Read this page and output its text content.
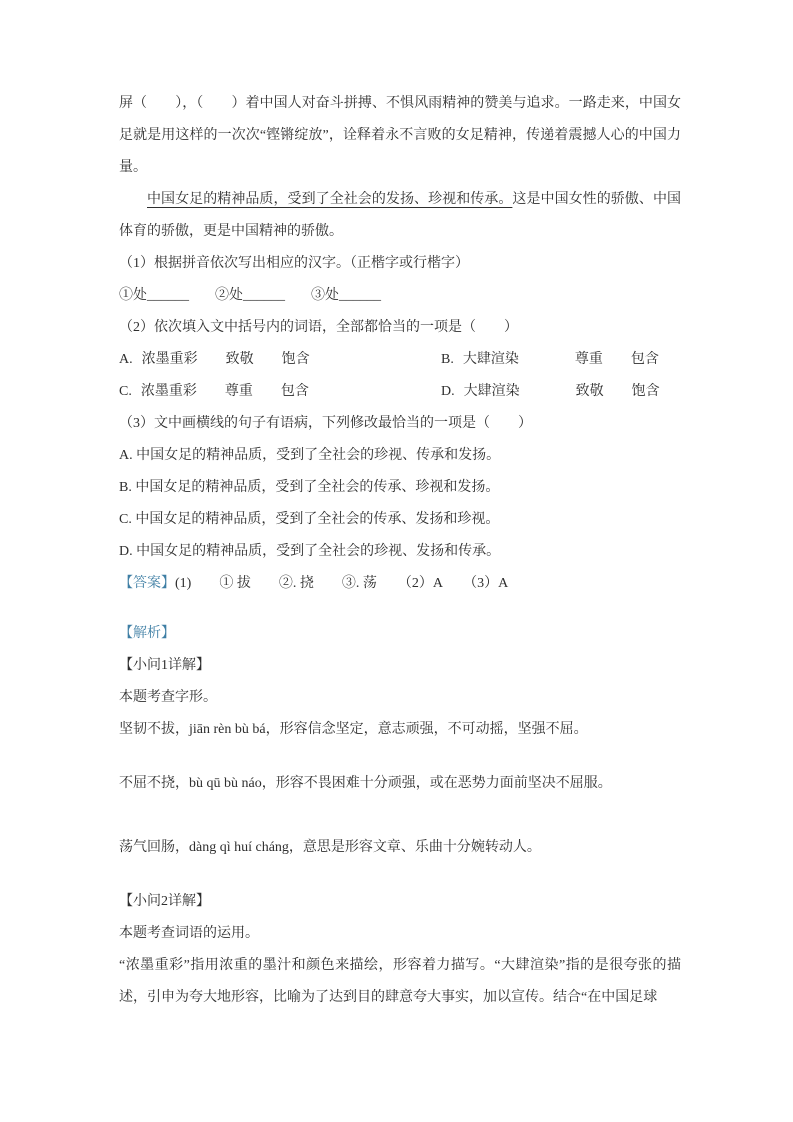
屏（　　），（　　）着中国人对奋斗拼搏、不惧风雨精神的赞美与追求。一路走来，中国女足就是用这样的一次次“铿锵绽放”，诠释着永不言败的女足精神，传递着震撼人心的中国力量。

中国女足的精神品质，受到了全社会的发扬、珍视和传承。这是中国女性的骄傲、中国体育的骄傲，更是中国精神的骄傲。

（1）根据拼音依次写出相应的汉字。（正楷字或行楷字）

①处______ ②处______ ③处______

（2）依次填入文中括号内的词语，全部都恰当的一项是（　　）

A. 浓墨重彩 致敬 饱含	B. 大肆渲染	尊重 包含
C. 浓墨重彩 尊重 包含	D. 大肆渲染	致敬 饱含

（3）文中画横线的句子有语病，下列修改最恰当的一项是（　　）

A. 中国女足的精神品质，受到了全社会的珍视、传承和发扬。

B. 中国女足的精神品质，受到了全社会的传承、珍视和发扬。

C. 中国女足的精神品质，受到了全社会的传承、发扬和珍视。

D. 中国女足的精神品质，受到了全社会的珍视、发扬和传承。

【答案】(1)　　① 拔　　②. 挠　　③. 荡　　（2）A　　（3）A

【解析】

【小问1详解】

本题考查字形。

坚韧不拔，jiān rèn bù bá，形容信念坚定，意志顽强，不可动摇，坚强不屈。

不屈不挠，bù qū bù náo，形容不畏困难十分顽强，或在恶势力面前坚决不屈服。

荡气回肠，dàng qì huí cháng，意思是形容文章、乐曲十分婉转动人。

【小问2详解】

本题考查词语的运用。

“浓墨重彩”指用浓重的墨汁和颜色来描绘，形容着力描写。“大肆渲染”指的是很夸张的描述，引申为夸大地形容，比喻为了达到目的肆意夸大事实，加以宣传。结合“在中国足球
